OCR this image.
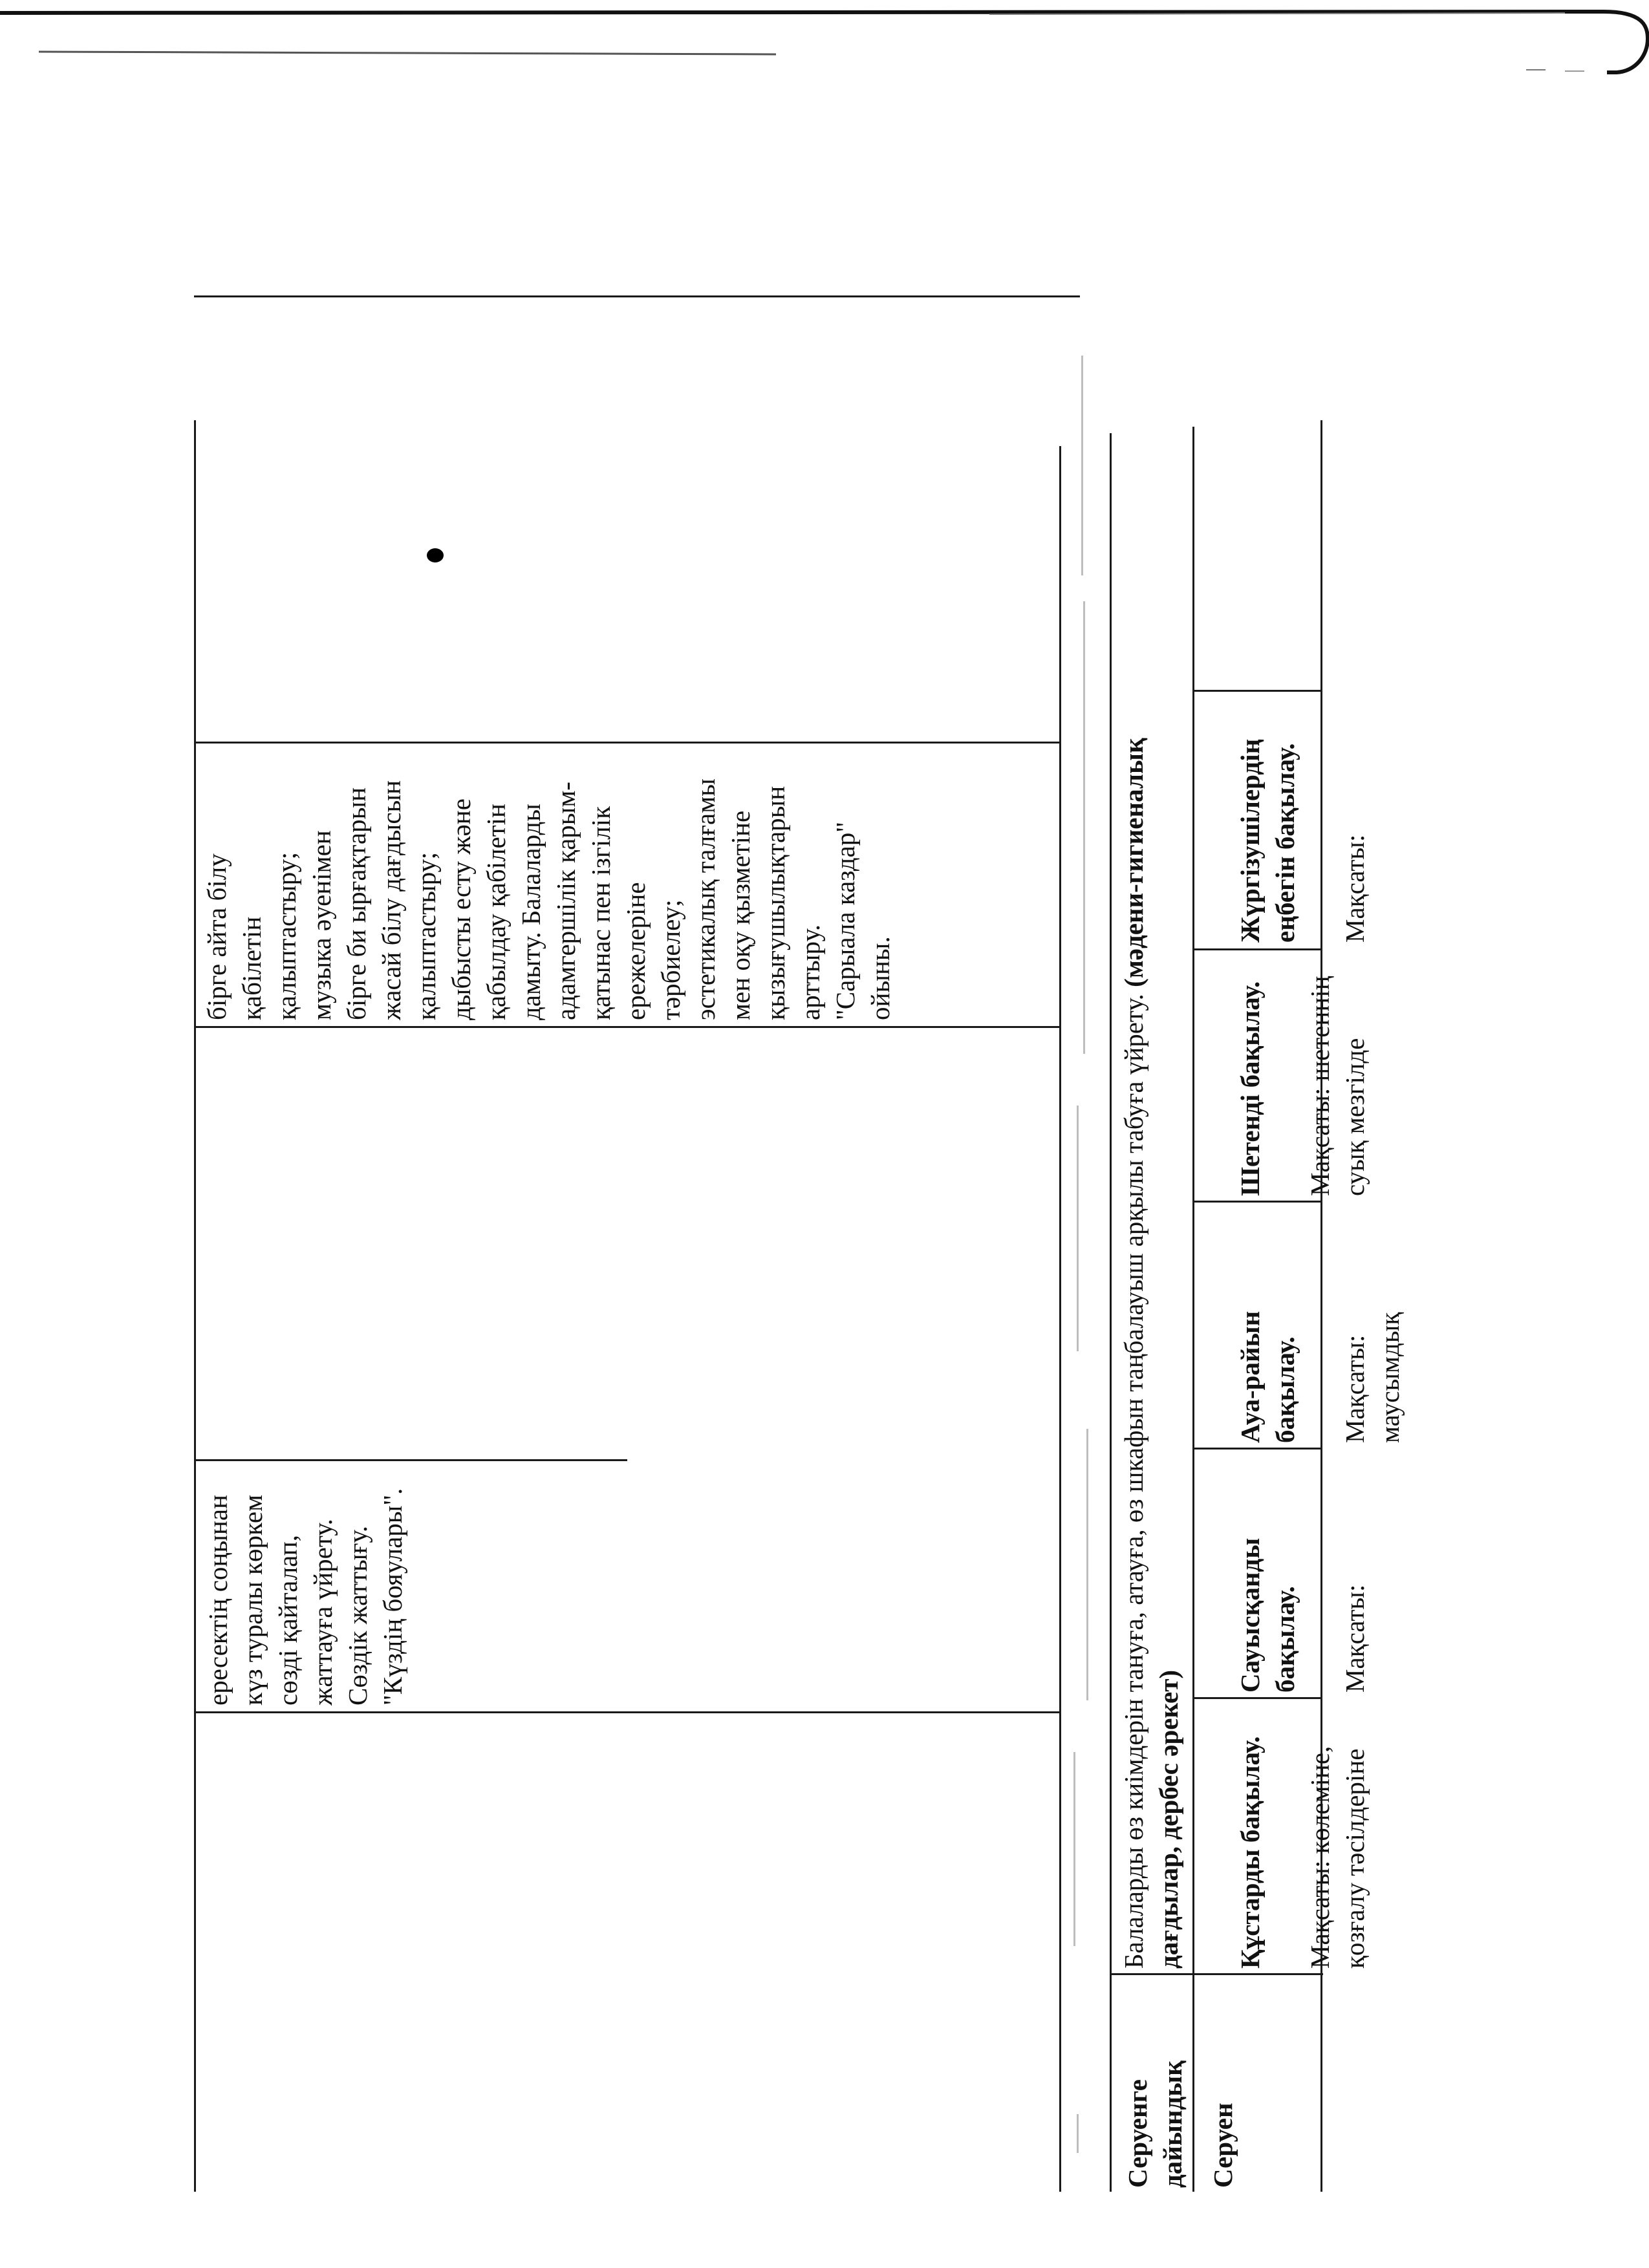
ересектің соңынан
күз туралы көркем
сөзді қайталап,
жаттауға үйрету.
Сөздік жаттығу.
"Күздің бояулары".
бірге айта білу
қабілетін
қалыптастыру;
музыка әуенімен
бірге би ырғақтарын
жасай білу дағдысын
қалыптастыру;
дыбысты есту және
қабылдау қабілетін
дамыту. Балаларды
адамгершілік қарым-
қатынас пен ізгілік
ережелеріне
тәрбиелеу;
эстетикалық талғамы
мен оқу қызметіне
қызығушылықтарын
арттыру.
"Сарыала каздар"
ойыны.
Серуенге дайындық
Балаларды өз киімдерін тануға, атауға, өз шкафын таңбалауыш арқылы табуға үйрету. (мәдени-гигиеналық
дағдылар, дербес әрекет)
Серуен

Құстарды бақылау. Мақсаты: көлеміне,
қозғалу тәсілдеріне

Сауысқанды
бақылау. Мақсаты:

Ауа-райын
бақылау. Мақсаты: маусымдық

Шетенді бақылау. Мақсаты: шетеннің
суық мезгілде

Жүргізушілердің
еңбегін бақылау.

Мақсаты:
